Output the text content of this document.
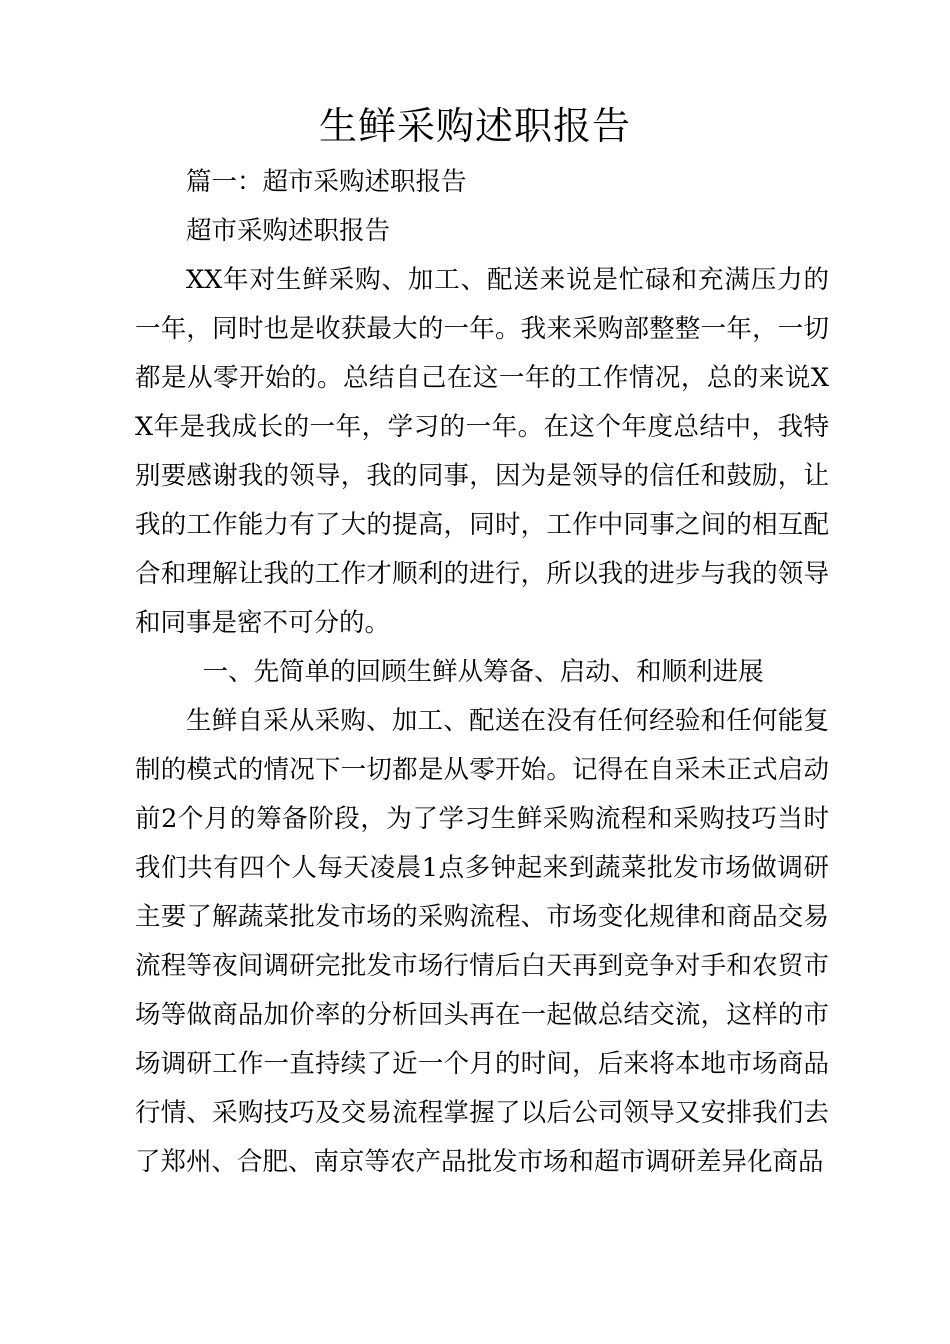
生鲜采购述职报告

篇一：超市采购述职报告

超市采购述职报告

XX年对生鲜采购、加工、配送来说是忙碌和充满压力的一年，同时也是收获最大的一年。我来采购部整整一年，一切都是从零开始的。总结自己在这一年的工作情况，总的来说XX年是我成长的一年，学习的一年。在这个年度总结中，我特别要感谢我的领导，我的同事，因为是领导的信任和鼓励，让我的工作能力有了大的提高，同时，工作中同事之间的相互配合和理解让我的工作才顺利的进行，所以我的进步与我的领导和同事是密不可分的。

一、先简单的回顾生鲜从筹备、启动、和顺利进展

生鲜自采从采购、加工、配送在没有任何经验和任何能复制的模式的情况下一切都是从零开始。记得在自采未正式启动前2个月的筹备阶段，为了学习生鲜采购流程和采购技巧当时我们共有四个人每天凌晨1点多钟起来到蔬菜批发市场做调研主要了解蔬菜批发市场的采购流程、市场变化规律和商品交易流程等夜间调研完批发市场行情后白天再到竞争对手和农贸市场等做商品加价率的分析回头再在一起做总结交流，这样的市场调研工作一直持续了近一个月的时间，后来将本地市场商品行情、采购技巧及交易流程掌握了以后公司领导又安排我们去了郑州、合肥、南京等农产品批发市场和超市调研差异化商品
